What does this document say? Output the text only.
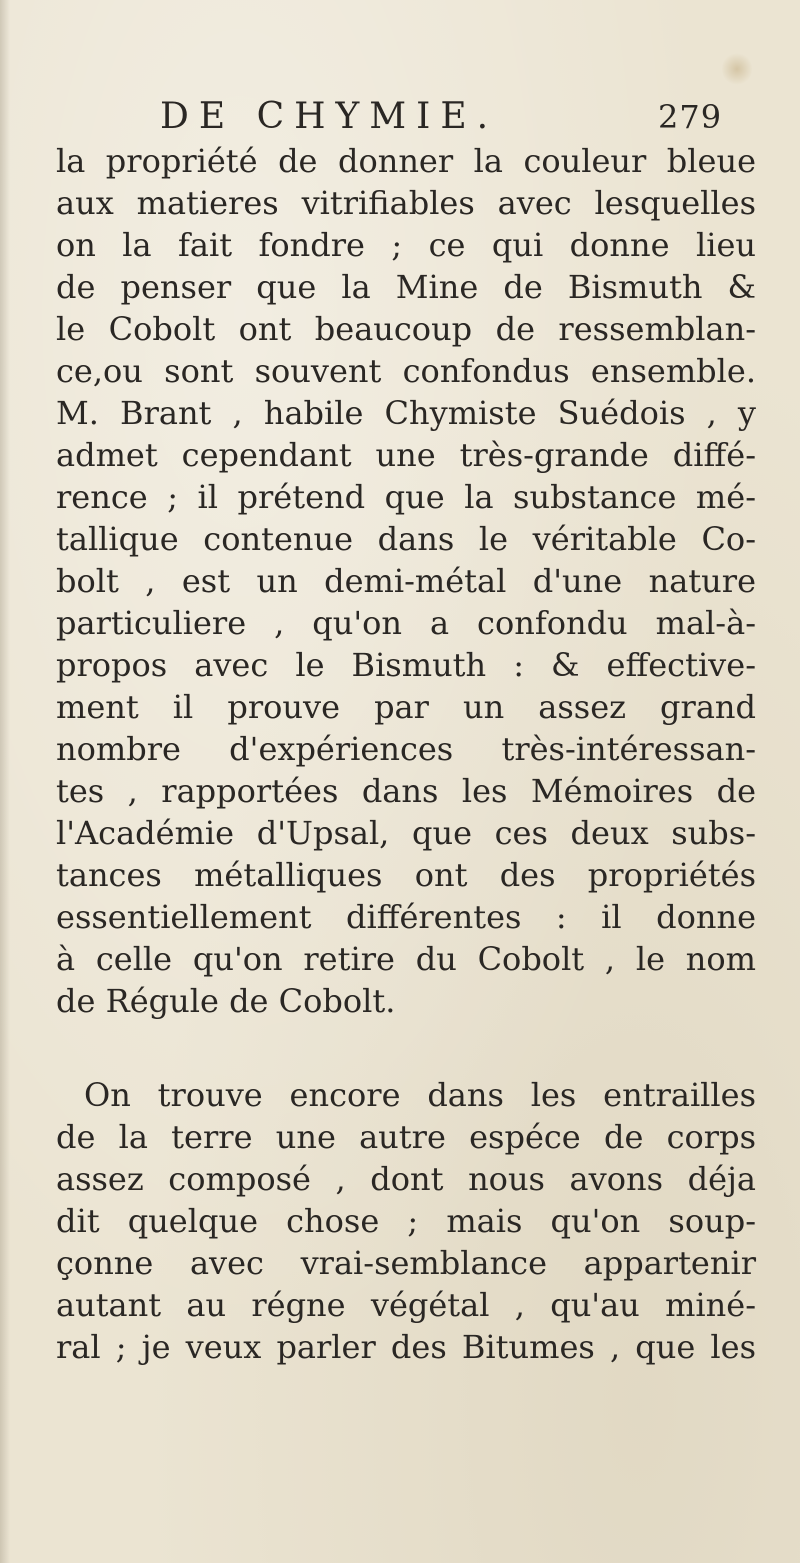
DE CHYMIE.	279
la propriété de donner la couleur bleue
aux matieres vitrifiables avec lesquelles
on la fait fondre ; ce qui donne lieu
de penser que la Mine de Bismuth &
le Cobolt ont beaucoup de ressemblan-
ce,ou sont souvent confondus ensemble.
M. Brant , habile Chymiste Suédois , y
admet cependant une très-grande diffé-
rence ; il prétend que la substance mé-
tallique contenue dans le véritable Co-
bolt , est un demi-métal d'une nature
particuliere , qu'on a confondu mal-à-
propos avec le Bismuth : & effective-
ment il prouve par un assez grand
nombre d'expériences très-intéressan-
tes , rapportées dans les Mémoires de
l'Académie d'Upsal, que ces deux subs-
tances métalliques ont des propriétés
essentiellement différentes : il donne
à celle qu'on retire du Cobolt , le nom
de Régule de Cobolt.
On trouve encore dans les entrailles
de la terre une autre espéce de corps
assez composé , dont nous avons déja
dit quelque chose ; mais qu'on soup-
çonne avec vrai-semblance appartenir
autant au régne végétal , qu'au miné-
ral ; je veux parler des Bitumes , que les
